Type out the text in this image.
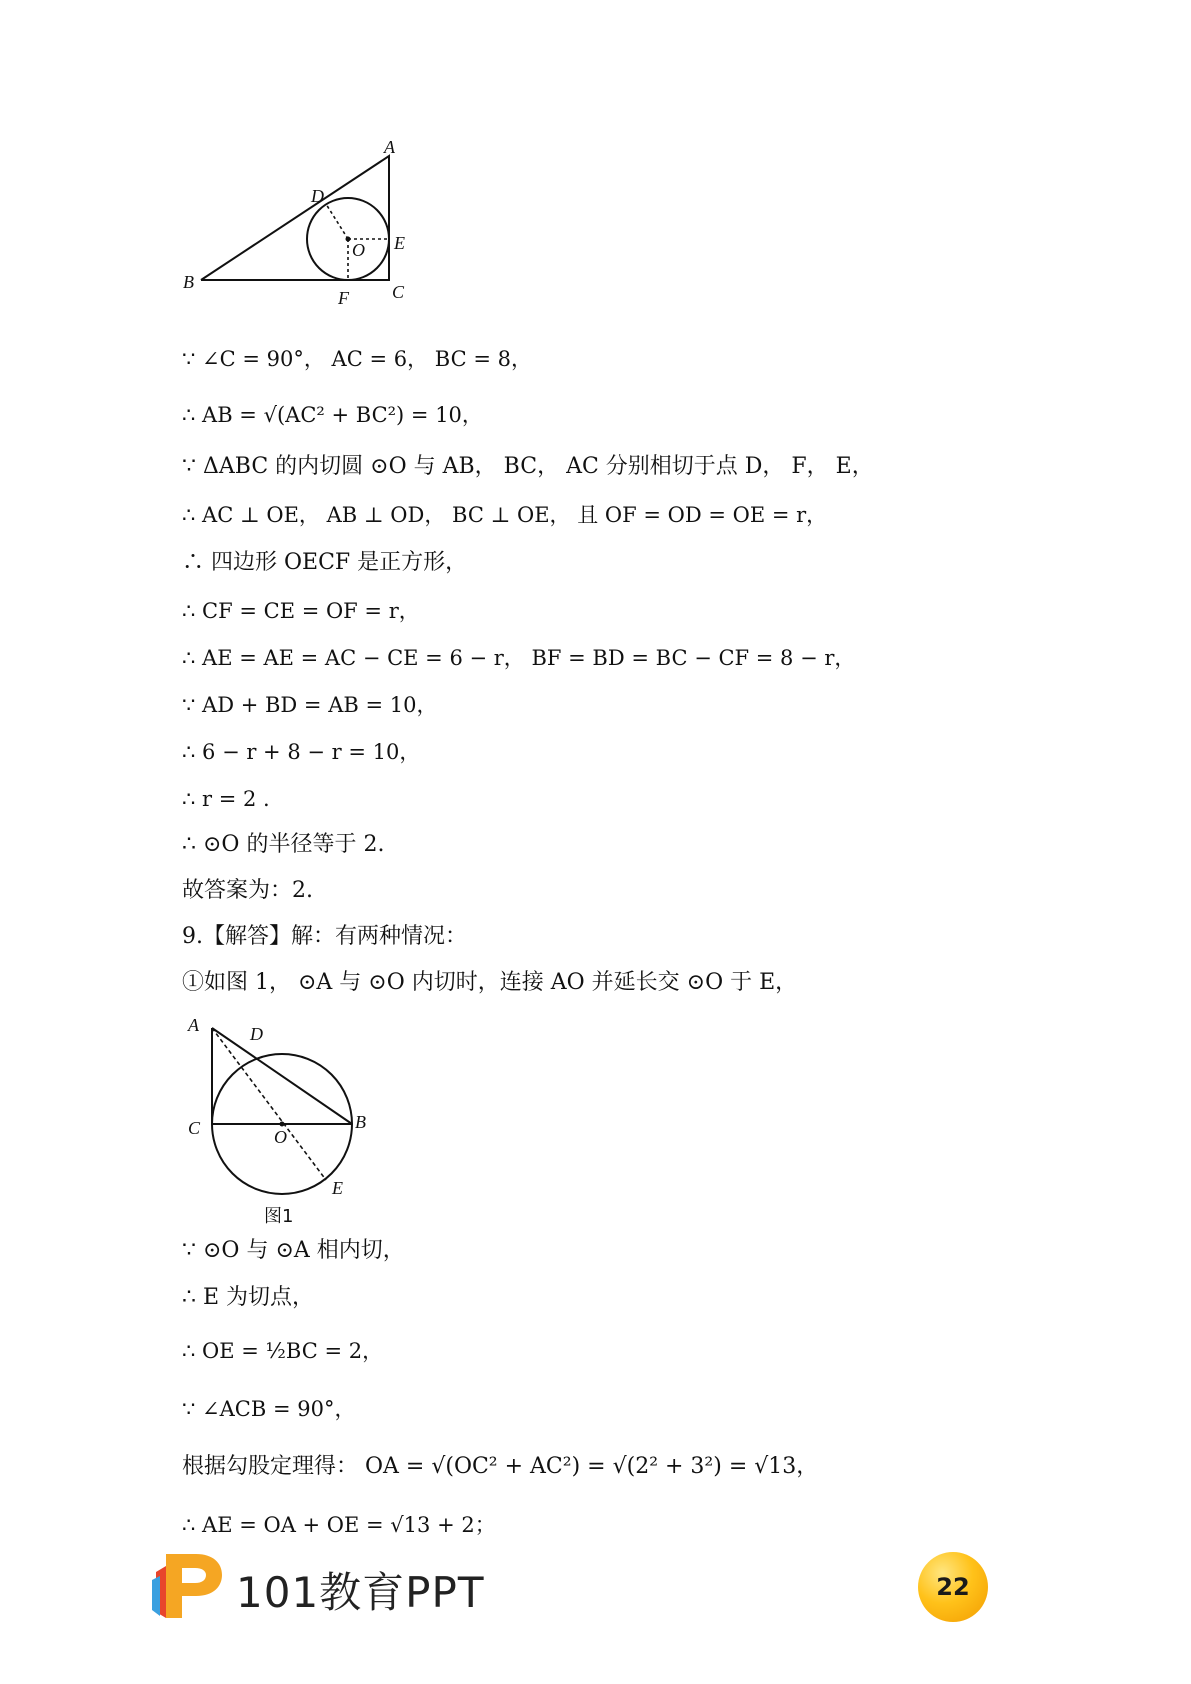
A
D
O E
B
F C
∵ ∠C = 90°， AC = 6， BC = 8，
∴ AB = √(AC² + BC²) = 10，
∵ ΔABC 的内切圆 ⊙O 与 AB， BC， AC 分别相切于点 D， F， E，
∴ AC ⊥ OE， AB ⊥ OD， BC ⊥ OE， 且 OF = OD = OE = r，
∴ 四边形 OECF 是正方形，
∴ CF = CE = OF = r，
∴ AE = AE = AC − CE = 6 − r， BF = BD = BC − CF = 8 − r，
∵ AD + BD = AB = 10，
∴ 6 − r + 8 − r = 10，
∴ r = 2 .
∴ ⊙O 的半径等于 2.
故答案为：2.
9.【解答】解：有两种情况：
①如图 1， ⊙A 与 ⊙O 内切时，连接 AO 并延长交 ⊙O 于 E，
A	D
C	O
B
E
图1
∵ ⊙O 与 ⊙A 相内切，
∴ E 为切点，
∴ OE = ½BC = 2，
∵ ∠ACB = 90°，
根据勾股定理得： OA = √(OC² + AC²) = √(2² + 3²) = √13，
∴ AE = OA + OE = √13 + 2；
101教育PPT	22
